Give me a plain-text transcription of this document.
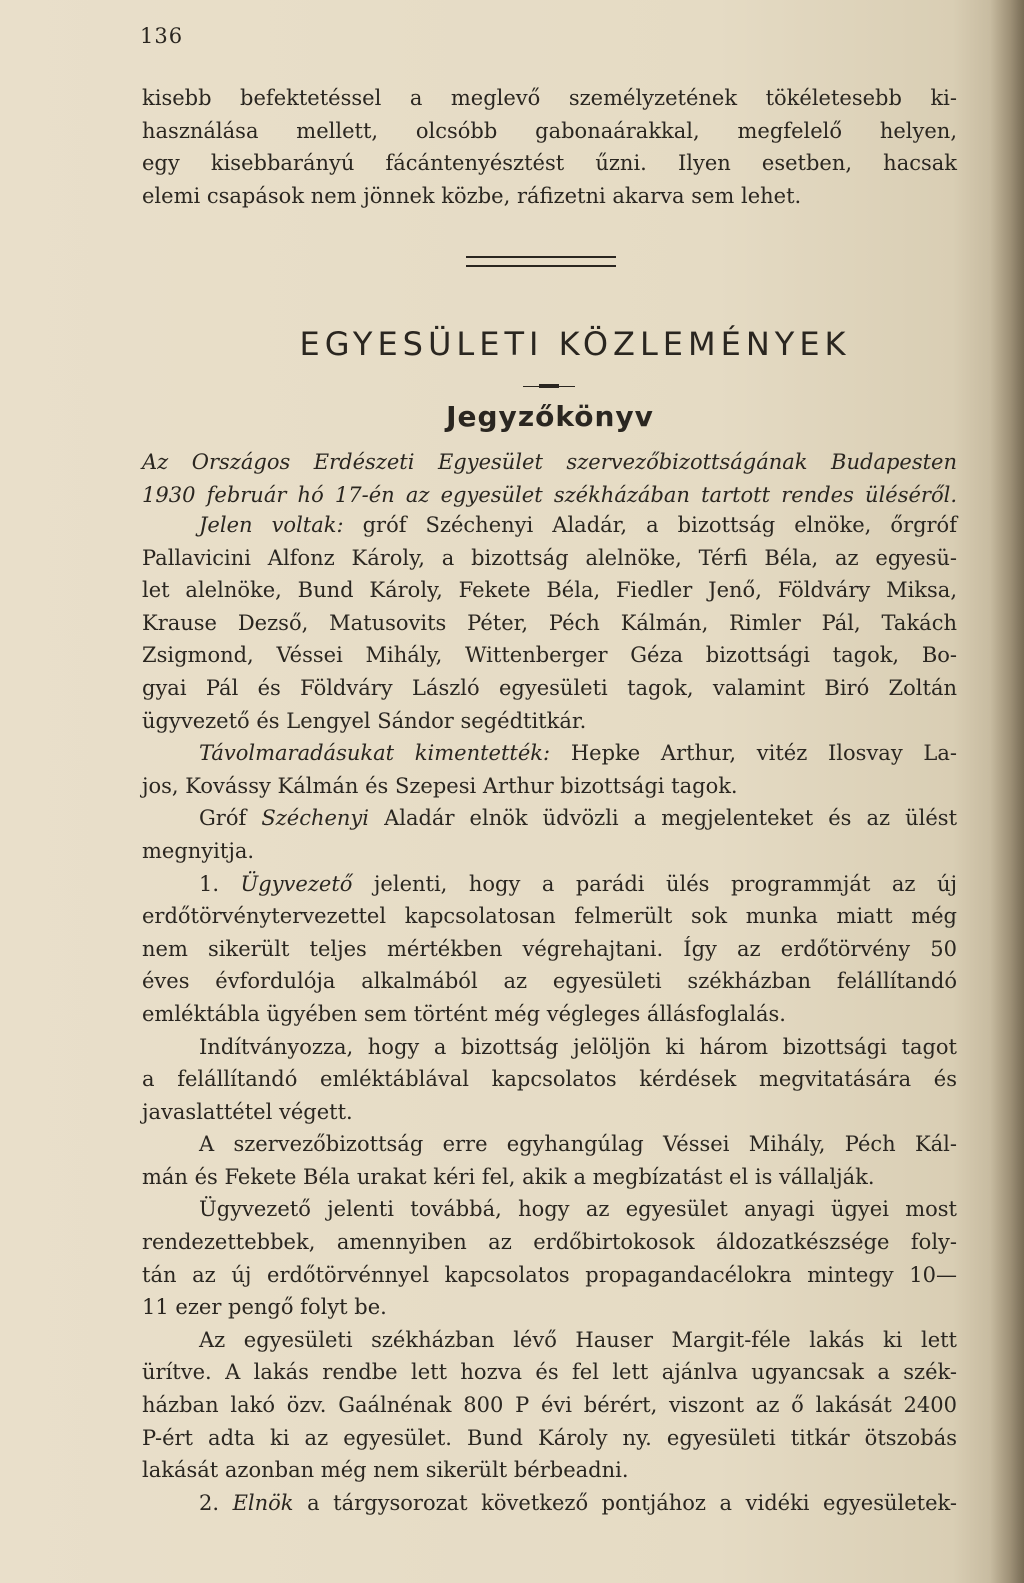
136
kisebb befektetéssel a meglevő személyzetének tökéletesebb ki-
használása mellett, olcsóbb gabonaárakkal, megfelelő helyen,
egy kisebbarányú fácántenyésztést űzni. Ilyen esetben, hacsak
elemi csapások nem jönnek közbe, ráfizetni akarva sem lehet.
EGYESÜLETI KÖZLEMÉNYEK
Jegyzőkönyv
Az Országos Erdészeti Egyesület szervezőbizottságának Budapesten
1930 február hó 17-én az egyesület székházában tartott rendes üléséről.
Jelen voltak: gróf Széchenyi Aladár, a bizottság elnöke, őrgróf
Pallavicini Alfonz Károly, a bizottság alelnöke, Térfi Béla, az egyesü-
let alelnöke, Bund Károly, Fekete Béla, Fiedler Jenő, Földváry Miksa,
Krause Dezső, Matusovits Péter, Péch Kálmán, Rimler Pál, Takách
Zsigmond, Véssei Mihály, Wittenberger Géza bizottsági tagok, Bo-
gyai Pál és Földváry László egyesületi tagok, valamint Biró Zoltán
ügyvezető és Lengyel Sándor segédtitkár.
Távolmaradásukat kimentették: Hepke Arthur, vitéz Ilosvay La-
jos, Kovássy Kálmán és Szepesi Arthur bizottsági tagok.
Gróf Széchenyi Aladár elnök üdvözli a megjelenteket és az ülést
megnyitja.
1. Ügyvezető jelenti, hogy a parádi ülés programmját az új
erdőtörvénytervezettel kapcsolatosan felmerült sok munka miatt még
nem sikerült teljes mértékben végrehajtani. Így az erdőtörvény 50
éves évfordulója alkalmából az egyesületi székházban felállítandó
emléktábla ügyében sem történt még végleges állásfoglalás.
Indítványozza, hogy a bizottság jelöljön ki három bizottsági tagot
a felállítandó emléktáblával kapcsolatos kérdések megvitatására és
javaslattétel végett.
A szervezőbizottság erre egyhangúlag Véssei Mihály, Péch Kál-
mán és Fekete Béla urakat kéri fel, akik a megbízatást el is vállalják.
Ügyvezető jelenti továbbá, hogy az egyesület anyagi ügyei most
rendezettebbek, amennyiben az erdőbirtokosok áldozatkészsége foly-
tán az új erdőtörvénnyel kapcsolatos propagandacélokra mintegy 10—
11 ezer pengő folyt be.
Az egyesületi székházban lévő Hauser Margit-féle lakás ki lett
ürítve. A lakás rendbe lett hozva és fel lett ajánlva ugyancsak a szék-
házban lakó özv. Gaálnénak 800 P évi bérért, viszont az ő lakását 2400
P-ért adta ki az egyesület. Bund Károly ny. egyesületi titkár ötszobás
lakását azonban még nem sikerült bérbeadni.
2. Elnök a tárgysorozat következő pontjához a vidéki egyesületek-
